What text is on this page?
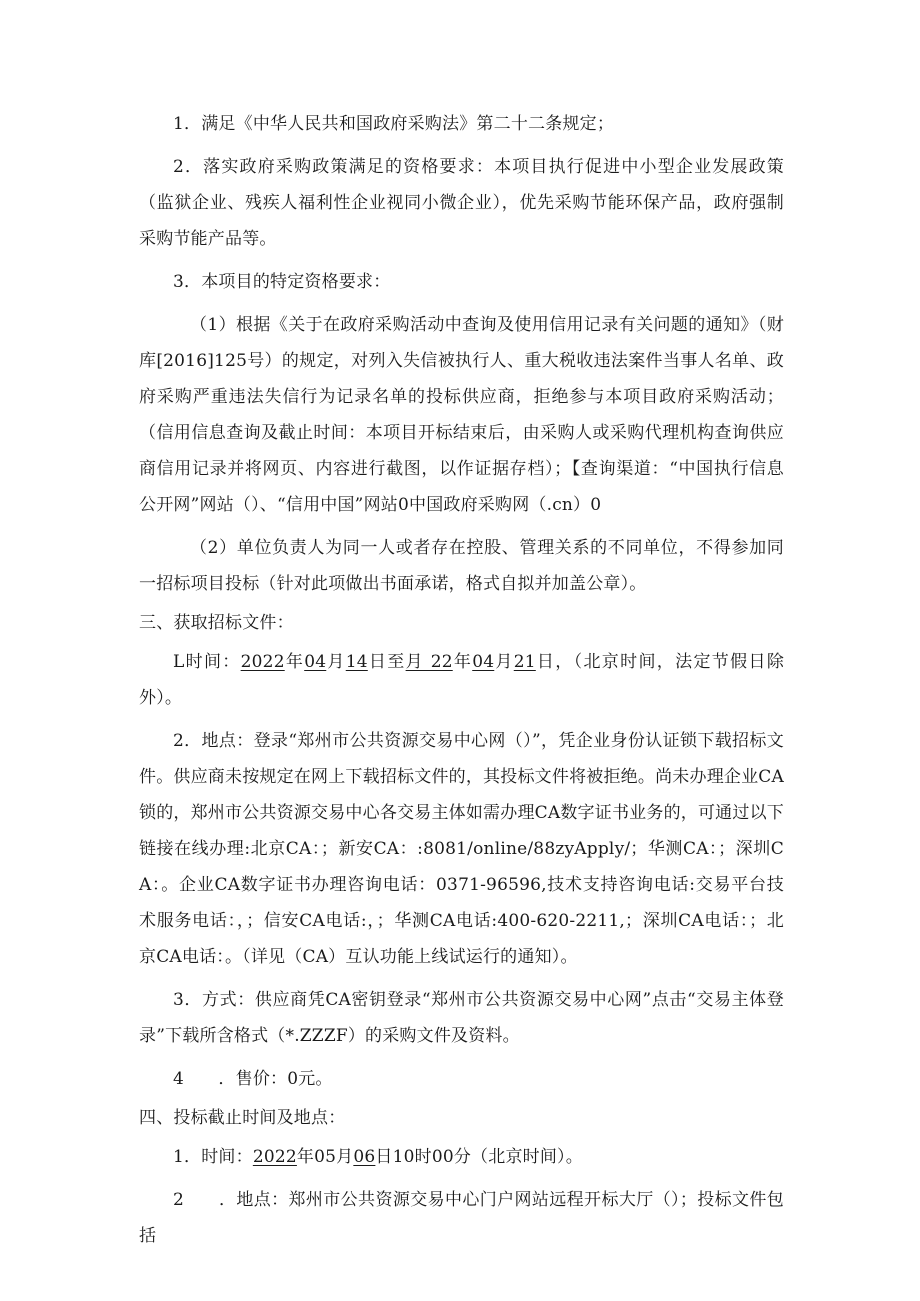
1．满足《中华人民共和国政府采购法》第二十二条规定；

2．落实政府采购政策满足的资格要求：本项目执行促进中小型企业发展政策（监狱企业、残疾人福利性企业视同小微企业），优先采购节能环保产品，政府强制采购节能产品等。

3．本项目的特定资格要求：

（1）根据《关于在政府采购活动中查询及使用信用记录有关问题的通知》（财库[2016]125号）的规定，对列入失信被执行人、重大税收违法案件当事人名单、政府采购严重违法失信行为记录名单的投标供应商，拒绝参与本项目政府采购活动；（信用信息查询及截止时间：本项目开标结束后，由采购人或采购代理机构查询供应商信用记录并将网页、内容进行截图，以作证据存档）；【查询渠道：“中国执行信息公开网”网站（）、“信用中国”网站0中国政府采购网（.cn）0

（2）单位负责人为同一人或者存在控股、管理关系的不同单位，不得参加同一招标项目投标（针对此项做出书面承诺，格式自拟并加盖公章）。

三、获取招标文件：

L时间：2022年04月14日至月 22年04月21日，（北京时间，法定节假日除外）。

2．地点：登录“郑州市公共资源交易中心网（）”，凭企业身份认证锁下载招标文件。供应商未按规定在网上下载招标文件的，其投标文件将被拒绝。尚未办理企业CA锁的，郑州市公共资源交易中心各交易主体如需办理CA数字证书业务的，可通过以下链接在线办理:北京CA：；新安CA：:8081/online/88zyApply/；华测CA：；深圳CA：。企业CA数字证书办理咨询电话：0371-96596,技术支持咨询电话:交易平台技术服务电话：，；信安CA电话:，；华测CA电话:400-620-2211,；深圳CA电话：；北京CA电话：。（详见（CA）互认功能上线试运行的通知）。

3．方式：供应商凭CA密钥登录“郑州市公共资源交易中心网”点击“交易主体登录”下载所含格式（*.ZZZF）的采购文件及资料。

4　　．售价：0元。

四、投标截止时间及地点：

1．时间：2022年05月06日10时00分（北京时间）。

2　　．地点：郑州市公共资源交易中心门户网站远程开标大厅（）；投标文件包括
